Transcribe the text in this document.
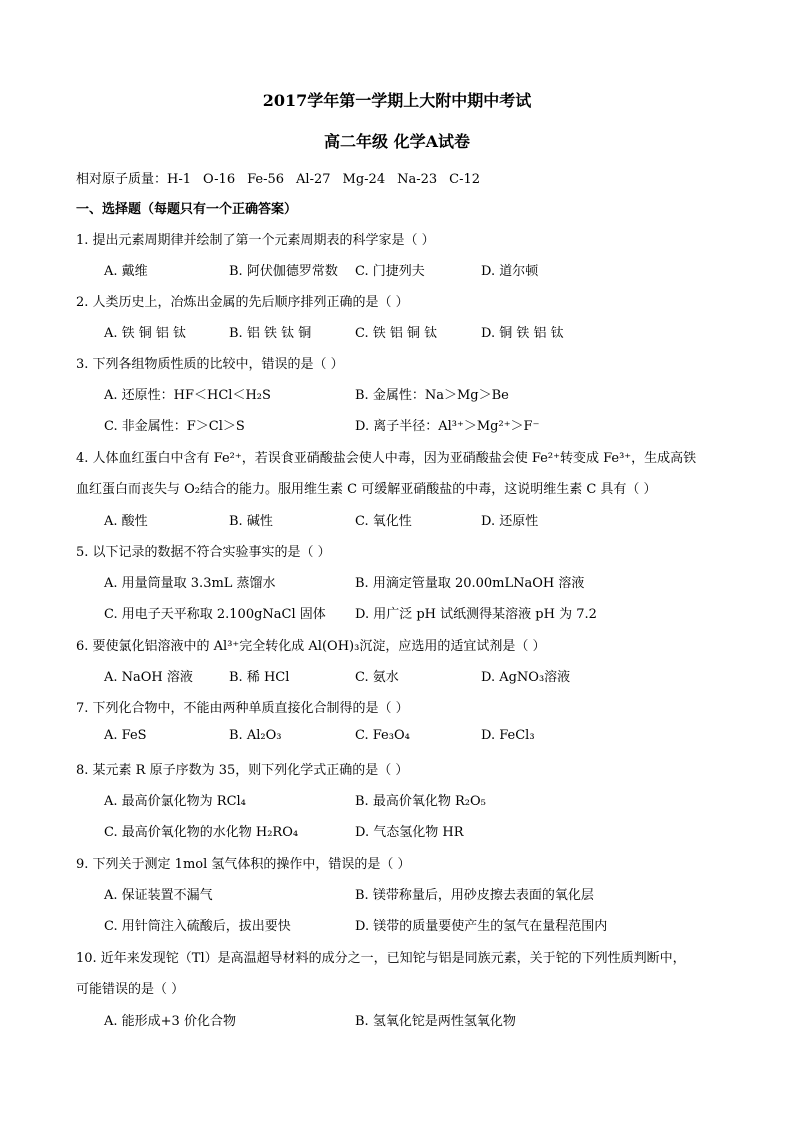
2017学年第一学期上大附中期中考试
高二年级 化学A试卷
相对原子质量：H-1 O-16 Fe-56 Al-27 Mg-24 Na-23 C-12
一、选择题（每题只有一个正确答案）
1. 提出元素周期律并绘制了第一个元素周期表的科学家是（ ）
A. 戴维	B. 阿伏伽德罗常数 C. 门捷列夫	D. 道尔顿
2. 人类历史上，冶炼出金属的先后顺序排列正确的是（ ）
A. 铁 铜 铝 钛	B. 铝 铁 钛 铜	C. 铁 铝 铜 钛	D. 铜 铁 铝 钛
3. 下列各组物质性质的比较中，错误的是（ ）
A. 还原性：HF＜HCl＜H₂S	B. 金属性：Na＞Mg＞Be
C. 非金属性：F＞Cl＞S	D. 离子半径：Al³⁺＞Mg²⁺＞F⁻
4. 人体血红蛋白中含有 Fe²⁺，若误食亚硝酸盐会使人中毒，因为亚硝酸盐会使 Fe²⁺转变成 Fe³⁺，生成高铁
血红蛋白而丧失与 O₂结合的能力。服用维生素 C 可缓解亚硝酸盐的中毒，这说明维生素 C 具有（ ）
A. 酸性	B. 碱性	C. 氧化性	D. 还原性
5. 以下记录的数据不符合实验事实的是（ ）
A. 用量筒量取 3.3mL 蒸馏水	B. 用滴定管量取 20.00mLNaOH 溶液
C. 用电子天平称取 2.100gNaCl 固体 D. 用广泛 pH 试纸测得某溶液 pH 为 7.2
6. 要使氯化铝溶液中的 Al³⁺完全转化成 Al(OH)₃沉淀，应选用的适宜试剂是（ ）
A. NaOH 溶液	B. 稀 HCl	C. 氨水	D. AgNO₃溶液
7. 下列化合物中，不能由两种单质直接化合制得的是（ ）
A. FeS	B. Al₂O₃	C. Fe₃O₄	D. FeCl₃
8. 某元素 R 原子序数为 35，则下列化学式正确的是（ ）
A. 最高价氯化物为 RCl₄	B. 最高价氧化物 R₂O₅
C. 最高价氧化物的水化物 H₂RO₄	D. 气态氢化物 HR
9. 下列关于测定 1mol 氢气体积的操作中，错误的是（ ）
A. 保证装置不漏气	B. 镁带称量后，用砂皮擦去表面的氧化层
C. 用针筒注入硫酸后，拔出要快	D. 镁带的质量要使产生的氢气在量程范围内
10. 近年来发现铊（Tl）是高温超导材料的成分之一，已知铊与铝是同族元素，关于铊的下列性质判断中，
可能错误的是（ ）
A. 能形成+3 价化合物	B. 氢氧化铊是两性氢氧化物
